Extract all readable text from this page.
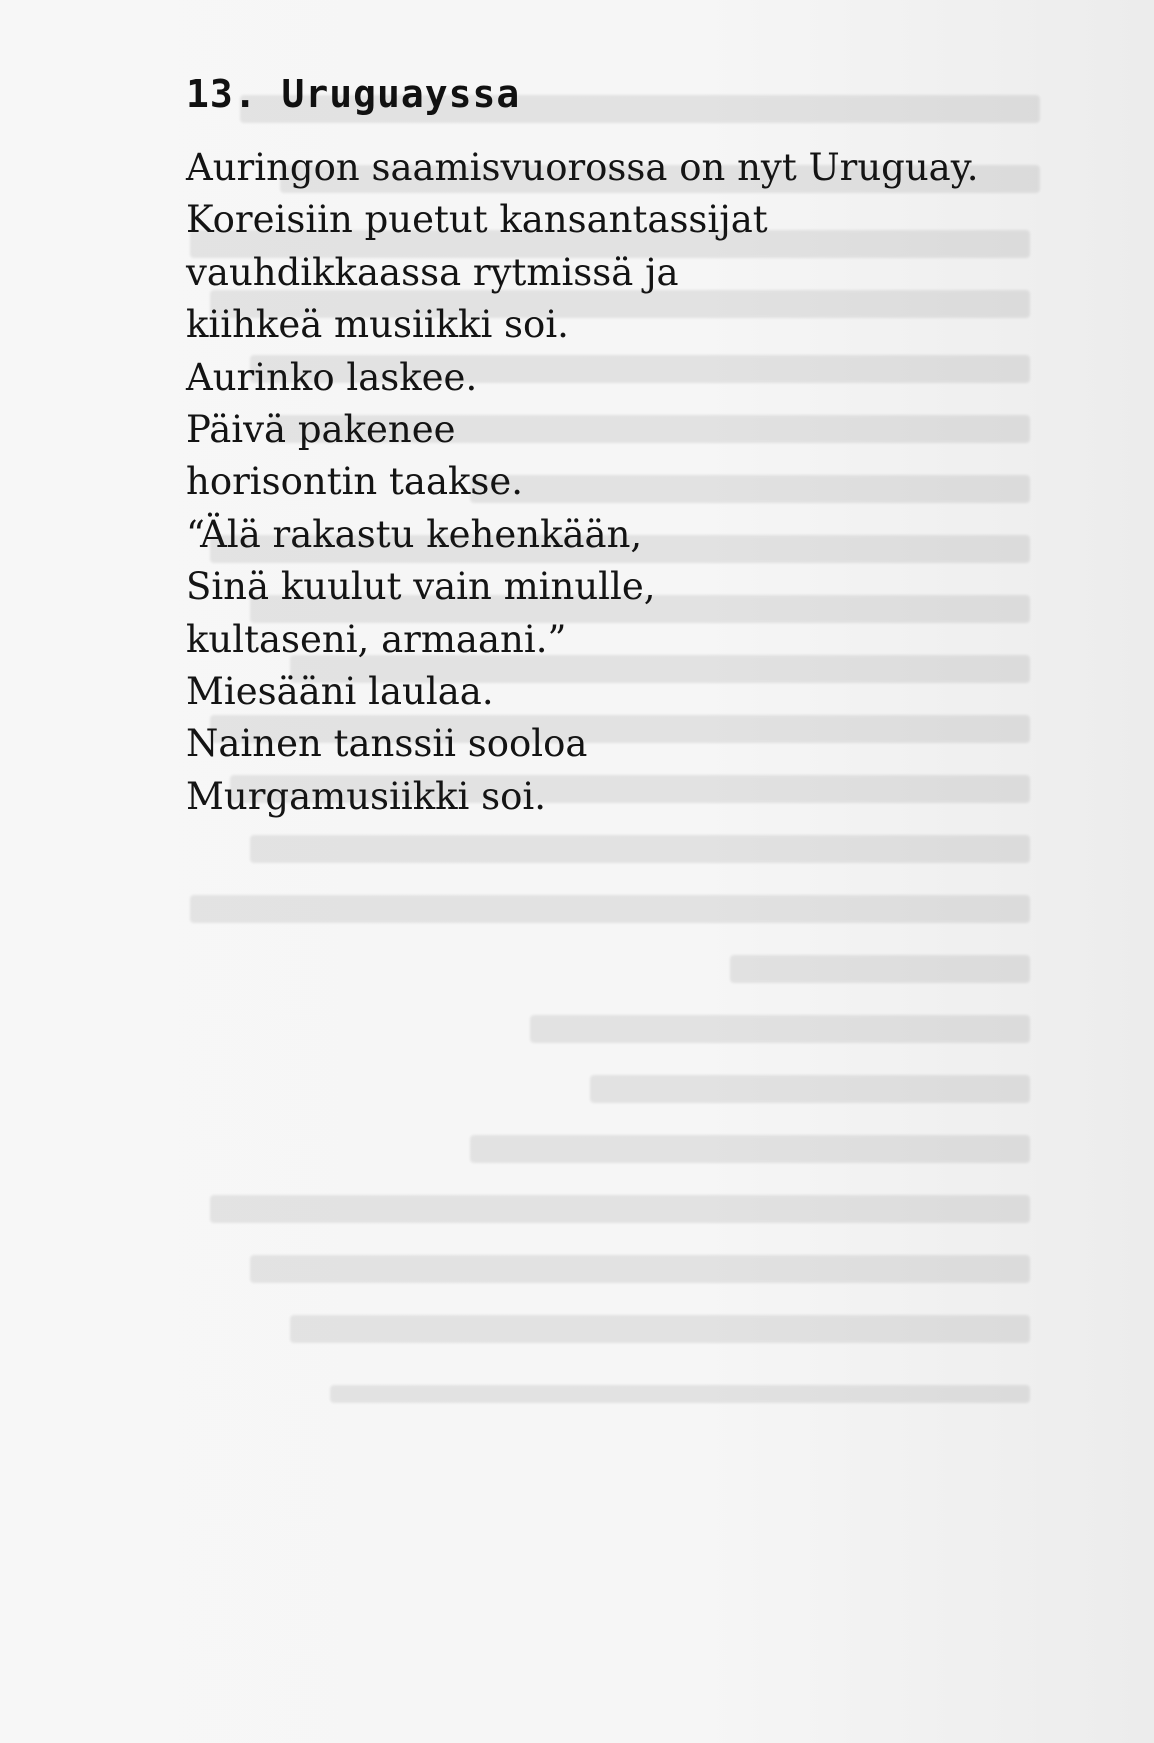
13. Uruguayssa
Auringon saamisvuorossa on nyt Uruguay.
Koreisiin puetut kansantassijat
vauhdikkaassa rytmissä ja
kiihkeä musiikki soi.
Aurinko laskee.
Päivä pakenee
horisontin taakse.
“Älä rakastu kehenkään,
Sinä kuulut vain minulle,
kultaseni, armaani.”
Miesääni laulaa.
Nainen tanssii sooloa
Murgamusiikki soi.
